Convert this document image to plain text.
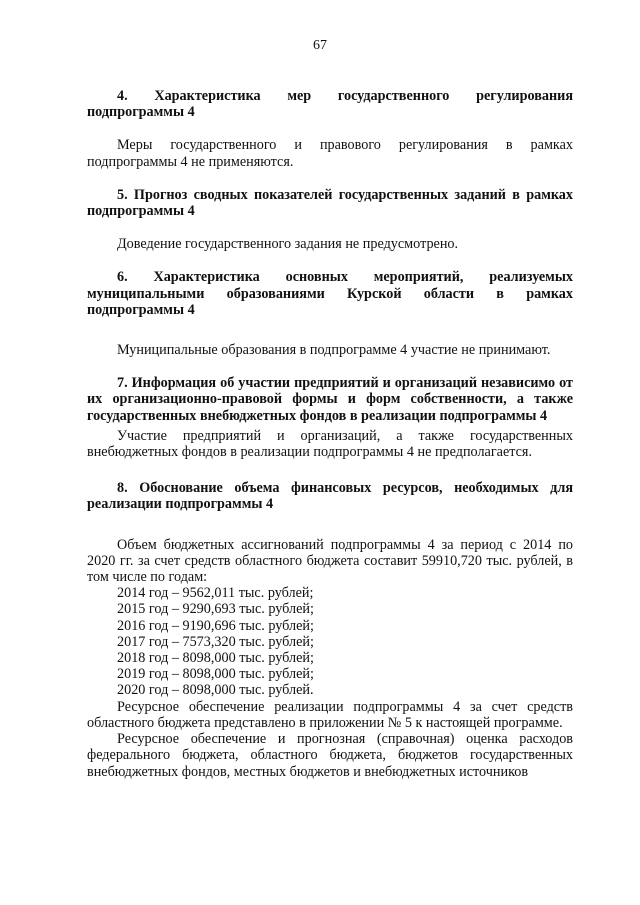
67

4. Характеристика мер государственного регулирования подпрограммы 4

Меры государственного и правового регулирования в рамках подпрограммы 4 не применяются.

5. Прогноз сводных показателей государственных заданий в рамках подпрограммы 4

Доведение государственного задания не предусмотрено.

6. Характеристика основных мероприятий, реализуемых муниципальными образованиями Курской области в рамках подпрограммы 4

Муниципальные образования в подпрограмме 4 участие не принимают.

7. Информация об участии предприятий и организаций независимо от их организационно-правовой формы и форм собственности, а также государственных внебюджетных фондов в реализации подпрограммы 4

Участие предприятий и организаций, а также государственных внебюджетных фондов в реализации подпрограммы 4 не предполагается.

8. Обоснование объема финансовых ресурсов, необходимых для реализации подпрограммы 4

Объем бюджетных ассигнований подпрограммы 4 за период с 2014 по 2020 гг. за счет средств областного бюджета составит 59910,720 тыс. рублей, в том числе по годам:

2014 год – 9562,011 тыс. рублей;
2015 год – 9290,693 тыс. рублей;
2016 год – 9190,696 тыс. рублей;
2017 год – 7573,320 тыс. рублей;
2018 год – 8098,000 тыс. рублей;
2019 год – 8098,000 тыс. рублей;
2020 год – 8098,000 тыс. рублей.

Ресурсное обеспечение реализации подпрограммы 4 за счет средств областного бюджета представлено в приложении № 5 к настоящей программе.

Ресурсное обеспечение и прогнозная (справочная) оценка расходов федерального бюджета, областного бюджета, бюджетов государственных внебюджетных фондов, местных бюджетов и внебюджетных источников
